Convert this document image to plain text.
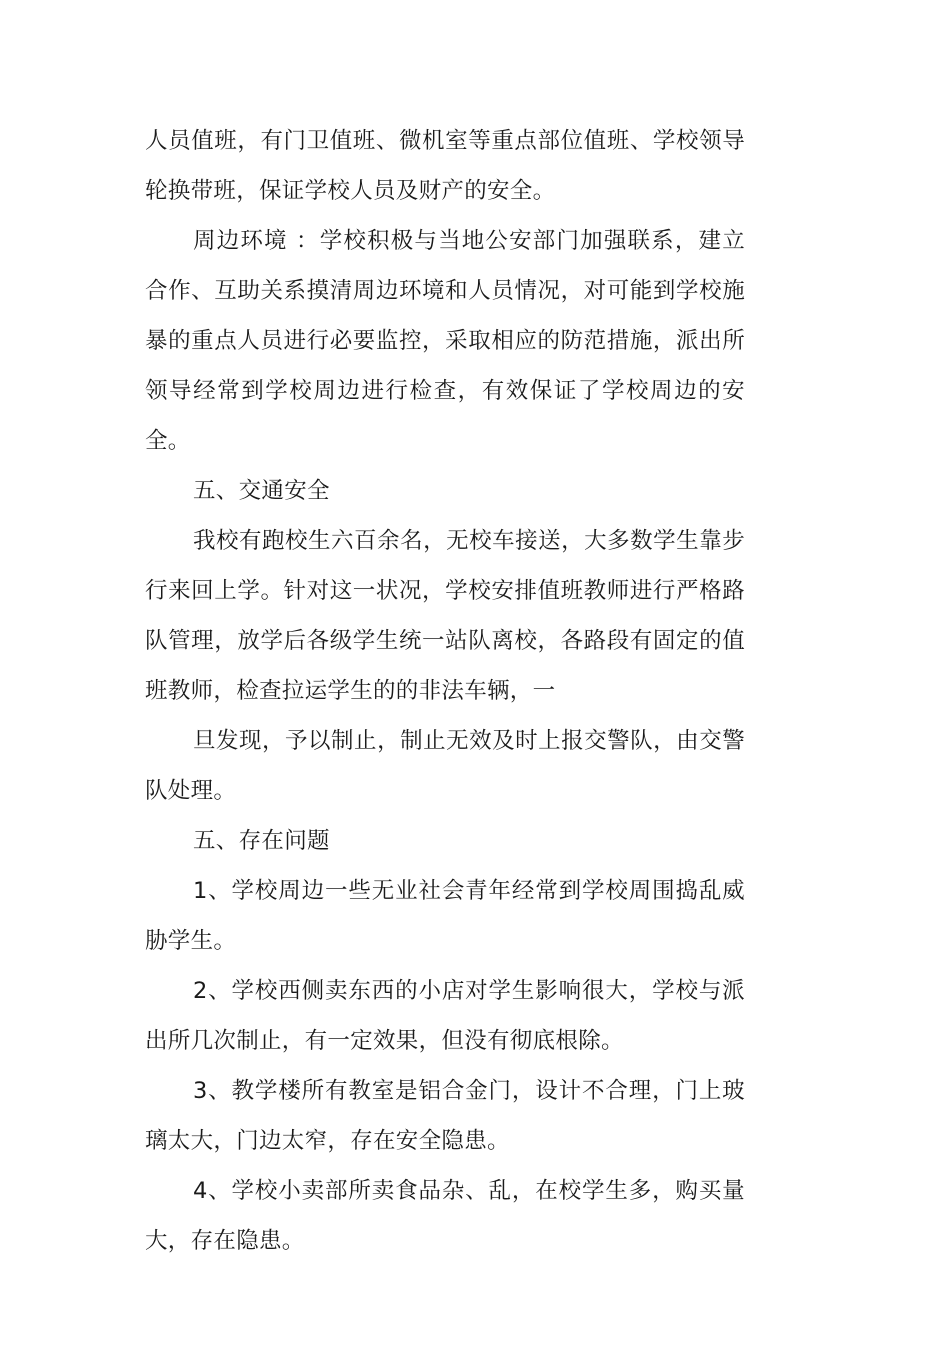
人员值班，有门卫值班、微机室等重点部位值班、学校领导轮换带班，保证学校人员及财产的安全。

周边环境 ：学校积极与当地公安部门加强联系，建立合作、互助关系摸清周边环境和人员情况，对可能到学校施暴的重点人员进行必要监控，采取相应的防范措施，派出所领导经常到学校周边进行检查，有效保证了学校周边的安全。

五、交通安全

我校有跑校生六百余名，无校车接送，大多数学生靠步行来回上学。针对这一状况，学校安排值班教师进行严格路队管理，放学后各级学生统一站队离校，各路段有固定的值班教师，检查拉运学生的的非法车辆，一

旦发现，予以制止，制止无效及时上报交警队，由交警队处理。

五、存在问题

1、学校周边一些无业社会青年经常到学校周围捣乱威胁学生。

2、学校西侧卖东西的小店对学生影响很大，学校与派出所几次制止，有一定效果，但没有彻底根除。

3、教学楼所有教室是铝合金门，设计不合理，门上玻璃太大，门边太窄，存在安全隐患。

4、学校小卖部所卖食品杂、乱，在校学生多，购买量大，存在隐患。
